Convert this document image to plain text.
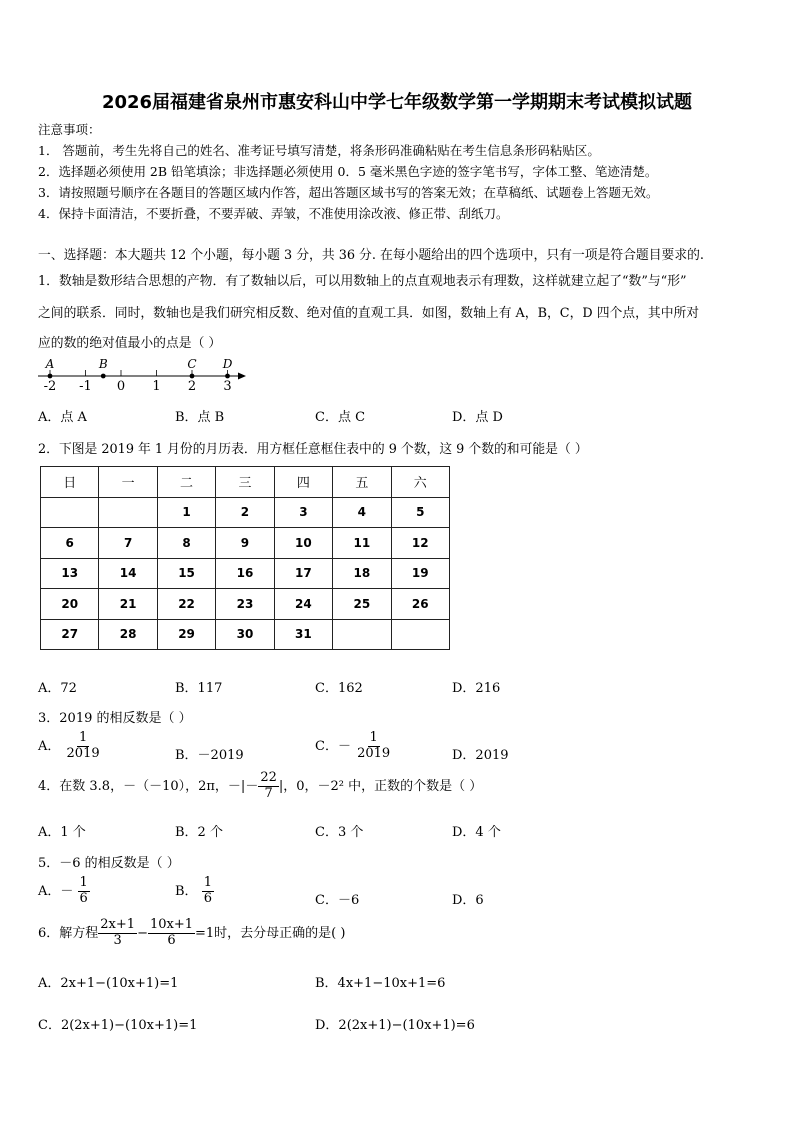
2026届福建省泉州市惠安科山中学七年级数学第一学期期末考试模拟试题
注意事项：
1． 答题前，考生先将自己的姓名、准考证号填写清楚，将条形码准确粘贴在考生信息条形码粘贴区。
2．选择题必须使用 2B 铅笔填涂；非选择题必须使用 0．5 毫米黑色字迹的签字笔书写，字体工整、笔迹清楚。
3．请按照题号顺序在各题目的答题区域内作答，超出答题区域书写的答案无效；在草稿纸、试题卷上答题无效。
4．保持卡面清洁，不要折叠，不要弄破、弄皱，不准使用涂改液、修正带、刮纸刀。
一、选择题：本大题共 12 个小题，每小题 3 分，共 36 分. 在每小题给出的四个选项中，只有一项是符合题目要求的.
1．数轴是数形结合思想的产物．有了数轴以后，可以用数轴上的点直观地表示有理数，这样就建立起了“数”与“形”
之间的联系．同时，数轴也是我们研究相反数、绝对值的直观工具．如图，数轴上有 A，B，C，D 四个点，其中所对
应的数的绝对值最小的点是（ ）
-2 -1 0 1 2 3
A	B	C D
A．点 A	B．点 B	C．点 C	D．点 D
2．下图是 2019 年 1 月份的月历表．用方框任意框住表中的 9 个数，这 9 个数的和可能是（ ）
日	一	二	三	四	五	六
		1	2	3	4	5
6	7	8	9	10	11	12
13	14	15	16	17	18	19
20	21	22	23	24	25	26
27	28	29	30	31		
A．72	B．117	C．162	D．216
3．2019 的相反数是（ ）
A． $\frac{1}{2019}$	B．－2019
C．－ $\frac{1}{2019}$	D．2019
4．在数 3.8，－（－10），2π，－|－ $\frac{22}{7}$ |，0，－2² 中，正数的个数是（ ）
A．1 个	B．2 个	C．3 个	D．4 个
5．－6 的相反数是（ ）
A．－ $\frac{1}{6}$	B． $\frac{1}{6}$	C．－6	D．6
6．解方程 $\frac{2x+1}{3} - \frac{10x+1}{6} =1$时，去分母正确的是( )
A．2x+1−(10x+1)=1	B．4x+1−10x+1=6
C．2(2x+1)−(10x+1)=1	D．2(2x+1)−(10x+1)=6
